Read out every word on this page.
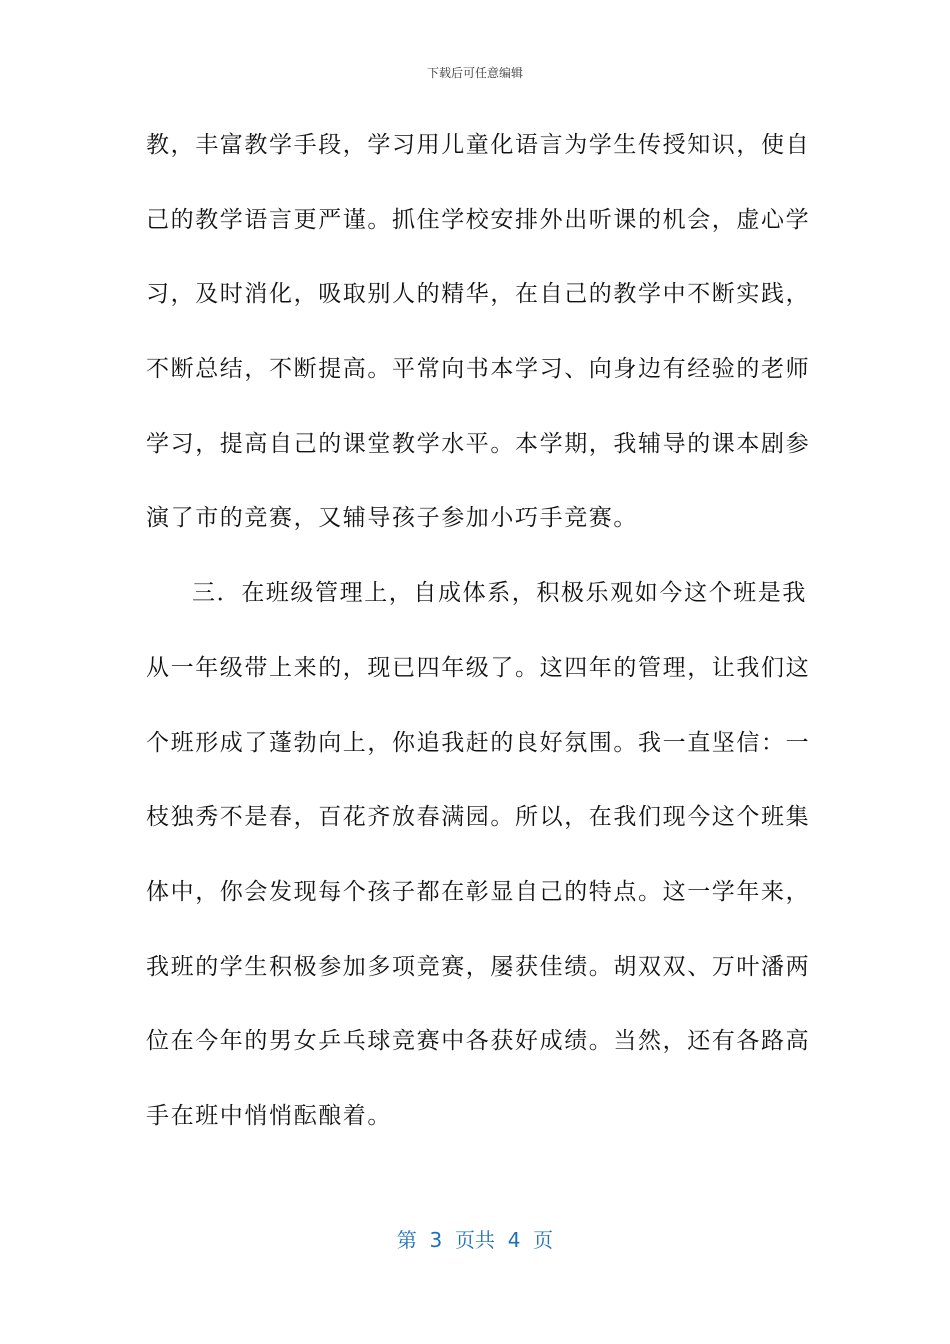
下载后可任意编辑
教，丰富教学手段，学习用儿童化语言为学生传授知识，使自
己的教学语言更严谨。抓住学校安排外出听课的机会，虚心学
习，及时消化，吸取别人的精华，在自己的教学中不断实践，
不断总结，不断提高。平常向书本学习、向身边有经验的老师
学习，提高自己的课堂教学水平。本学期，我辅导的课本剧参
演了市的竞赛，又辅导孩子参加小巧手竞赛。
三．在班级管理上，自成体系，积极乐观如今这个班是我
从一年级带上来的，现已四年级了。这四年的管理，让我们这
个班形成了蓬勃向上，你追我赶的良好氛围。我一直坚信：一
枝独秀不是春，百花齐放春满园。所以，在我们现今这个班集
体中，你会发现每个孩子都在彰显自己的特点。这一学年来，
我班的学生积极参加多项竞赛，屡获佳绩。胡双双、万叶潘两
位在今年的男女乒乓球竞赛中各获好成绩。当然，还有各路高
手在班中悄悄酝酿着。
第  3  页共  4  页
